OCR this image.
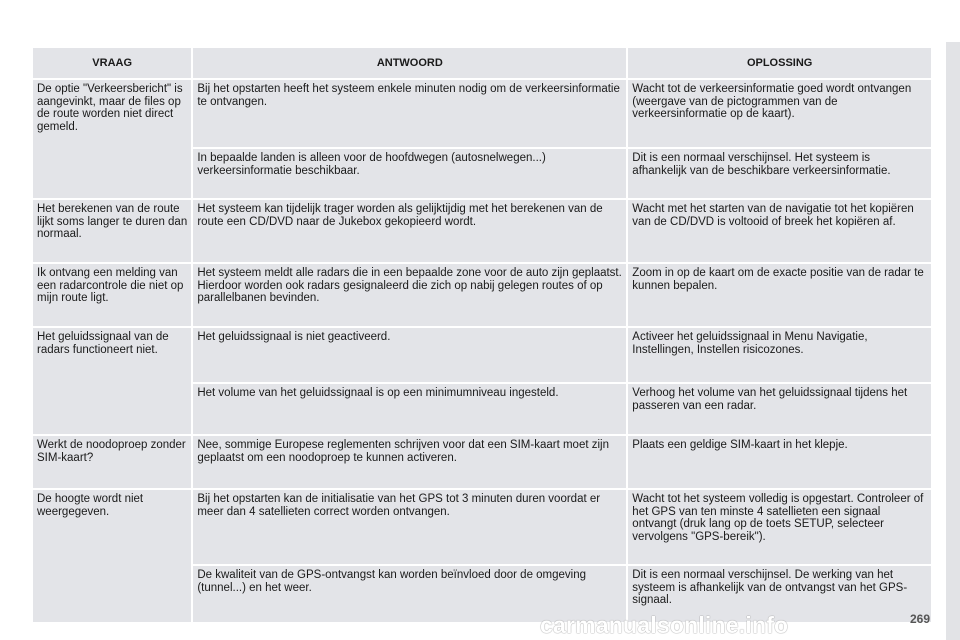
VRAAG	ANTWOORD	OPLOSSING
De optie "Verkeersbericht" is aangevinkt, maar de files op de route worden niet direct gemeld.	Bij het opstarten heeft het systeem enkele minuten nodig om de verkeersinformatie te ontvangen.	Wacht tot de verkeersinformatie goed wordt ontvangen (weergave van de pictogrammen van de verkeersinformatie op de kaart).
	In bepaalde landen is alleen voor de hoofdwegen (autosnelwegen...) verkeersinformatie beschikbaar.	Dit is een normaal verschijnsel. Het systeem is afhankelijk van de beschikbare verkeersinformatie.
Het berekenen van de route lijkt soms langer te duren dan normaal.	Het systeem kan tijdelijk trager worden als gelijktijdig met het berekenen van de route een CD/DVD naar de Jukebox gekopieerd wordt.	Wacht met het starten van de navigatie tot het kopiëren van de CD/DVD is voltooid of breek het kopiëren af.
Ik ontvang een melding van een radarcontrole die niet op mijn route ligt.	Het systeem meldt alle radars die in een bepaalde zone voor de auto zijn geplaatst. Hierdoor worden ook radars gesignaleerd die zich op nabij gelegen routes of op parallelbanen bevinden.	Zoom in op de kaart om de exacte positie van de radar te kunnen bepalen.
Het geluidssignaal van de radars functioneert niet.	Het geluidssignaal is niet geactiveerd.	Activeer het geluidssignaal in Menu Navigatie, Instellingen, Instellen risicozones.
	Het volume van het geluidssignaal is op een minimumniveau ingesteld.	Verhoog het volume van het geluidssignaal tijdens het passeren van een radar.
Werkt de noodoproep zonder SIM-kaart?	Nee, sommige Europese reglementen schrijven voor dat een SIM-kaart moet zijn geplaatst om een noodoproep te kunnen activeren.	Plaats een geldige SIM-kaart in het klepje.
De hoogte wordt niet weergegeven.	Bij het opstarten kan de initialisatie van het GPS tot 3 minuten duren voordat er meer dan 4 satellieten correct worden ontvangen.	Wacht tot het systeem volledig is opgestart. Controleer of het GPS van ten minste 4 satellieten een signaal ontvangt (druk lang op de toets SETUP, selecteer vervolgens "GPS-bereik").
	De kwaliteit van de GPS-ontvangst kan worden beïnvloed door de omgeving (tunnel...) en het weer.	Dit is een normaal verschijnsel. De werking van het systeem is afhankelijk van de ontvangst van het GPS-signaal.
269
carmanualsonline.info
